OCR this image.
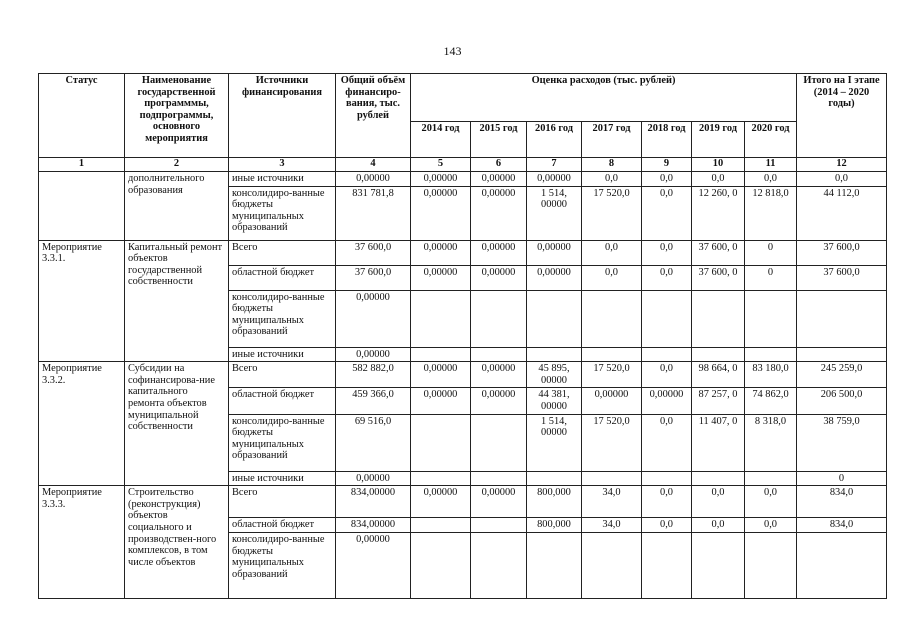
143
Статус	Наименование государственной программмы, подпрограммы, основного мероприятия	Источники финансирования	Общий объём финансиро-вания, тыс. рублей	Оценка расходов (тыс. рублей)							Итого на I этапе (2014 – 2020 годы)
				2014 год	2015 год	2016 год	2017 год	2018 год	2019 год	2020 год	
1	2	3	4	5	6	7	8	9	10	11	12
	дополнительного образования	иные источники	0,00000	0,00000	0,00000	0,00000	0,0	0,0	0,0	0,0	0,0
		консолидиро-ванные бюджеты муниципальных образований	831 781,8	0,00000	0,00000	1 514, 00000	17 520,0	0,0	12 260, 0	12 818,0	44 112,0
Мероприятие 3.3.1.	Капитальный ремонт объектов государственной собственности	Всего	37 600,0	0,00000	0,00000	0,00000	0,0	0,0	37 600, 0	0	37 600,0
		областной бюджет	37 600,0	0,00000	0,00000	0,00000	0,0	0,0	37 600, 0	0	37 600,0
		консолидиро-ванные бюджеты муниципальных образований	0,00000								
		иные источники	0,00000								
Мероприятие 3.3.2.	Субсидии на софинансирова-ние капитального ремонта объектов муниципальной собственности	Всего	582 882,0	0,00000	0,00000	45 895, 00000	17 520,0	0,0	98 664, 0	83 180,0	245 259,0
		областной бюджет	459 366,0	0,00000	0,00000	44 381, 00000	0,00000	0,00000	87 257, 0	74 862,0	206 500,0
		консолидиро-ванные бюджеты муниципальных образований	69 516,0			1 514, 00000	17 520,0	0,0	11 407, 0	8 318,0	38 759,0
		иные источники	0,00000								0
Мероприятие 3.3.3.	Строительство (реконструкция) объектов социального и производствен-ного комплексов, в том числе объектов	Всего	834,00000	0,00000	0,00000	800,000	34,0	0,0	0,0	0,0	834,0
		областной бюджет	834,00000			800,000	34,0	0,0	0,0	0,0	834,0
		консолидиро-ванные бюджеты муниципальных образований	0,00000								
